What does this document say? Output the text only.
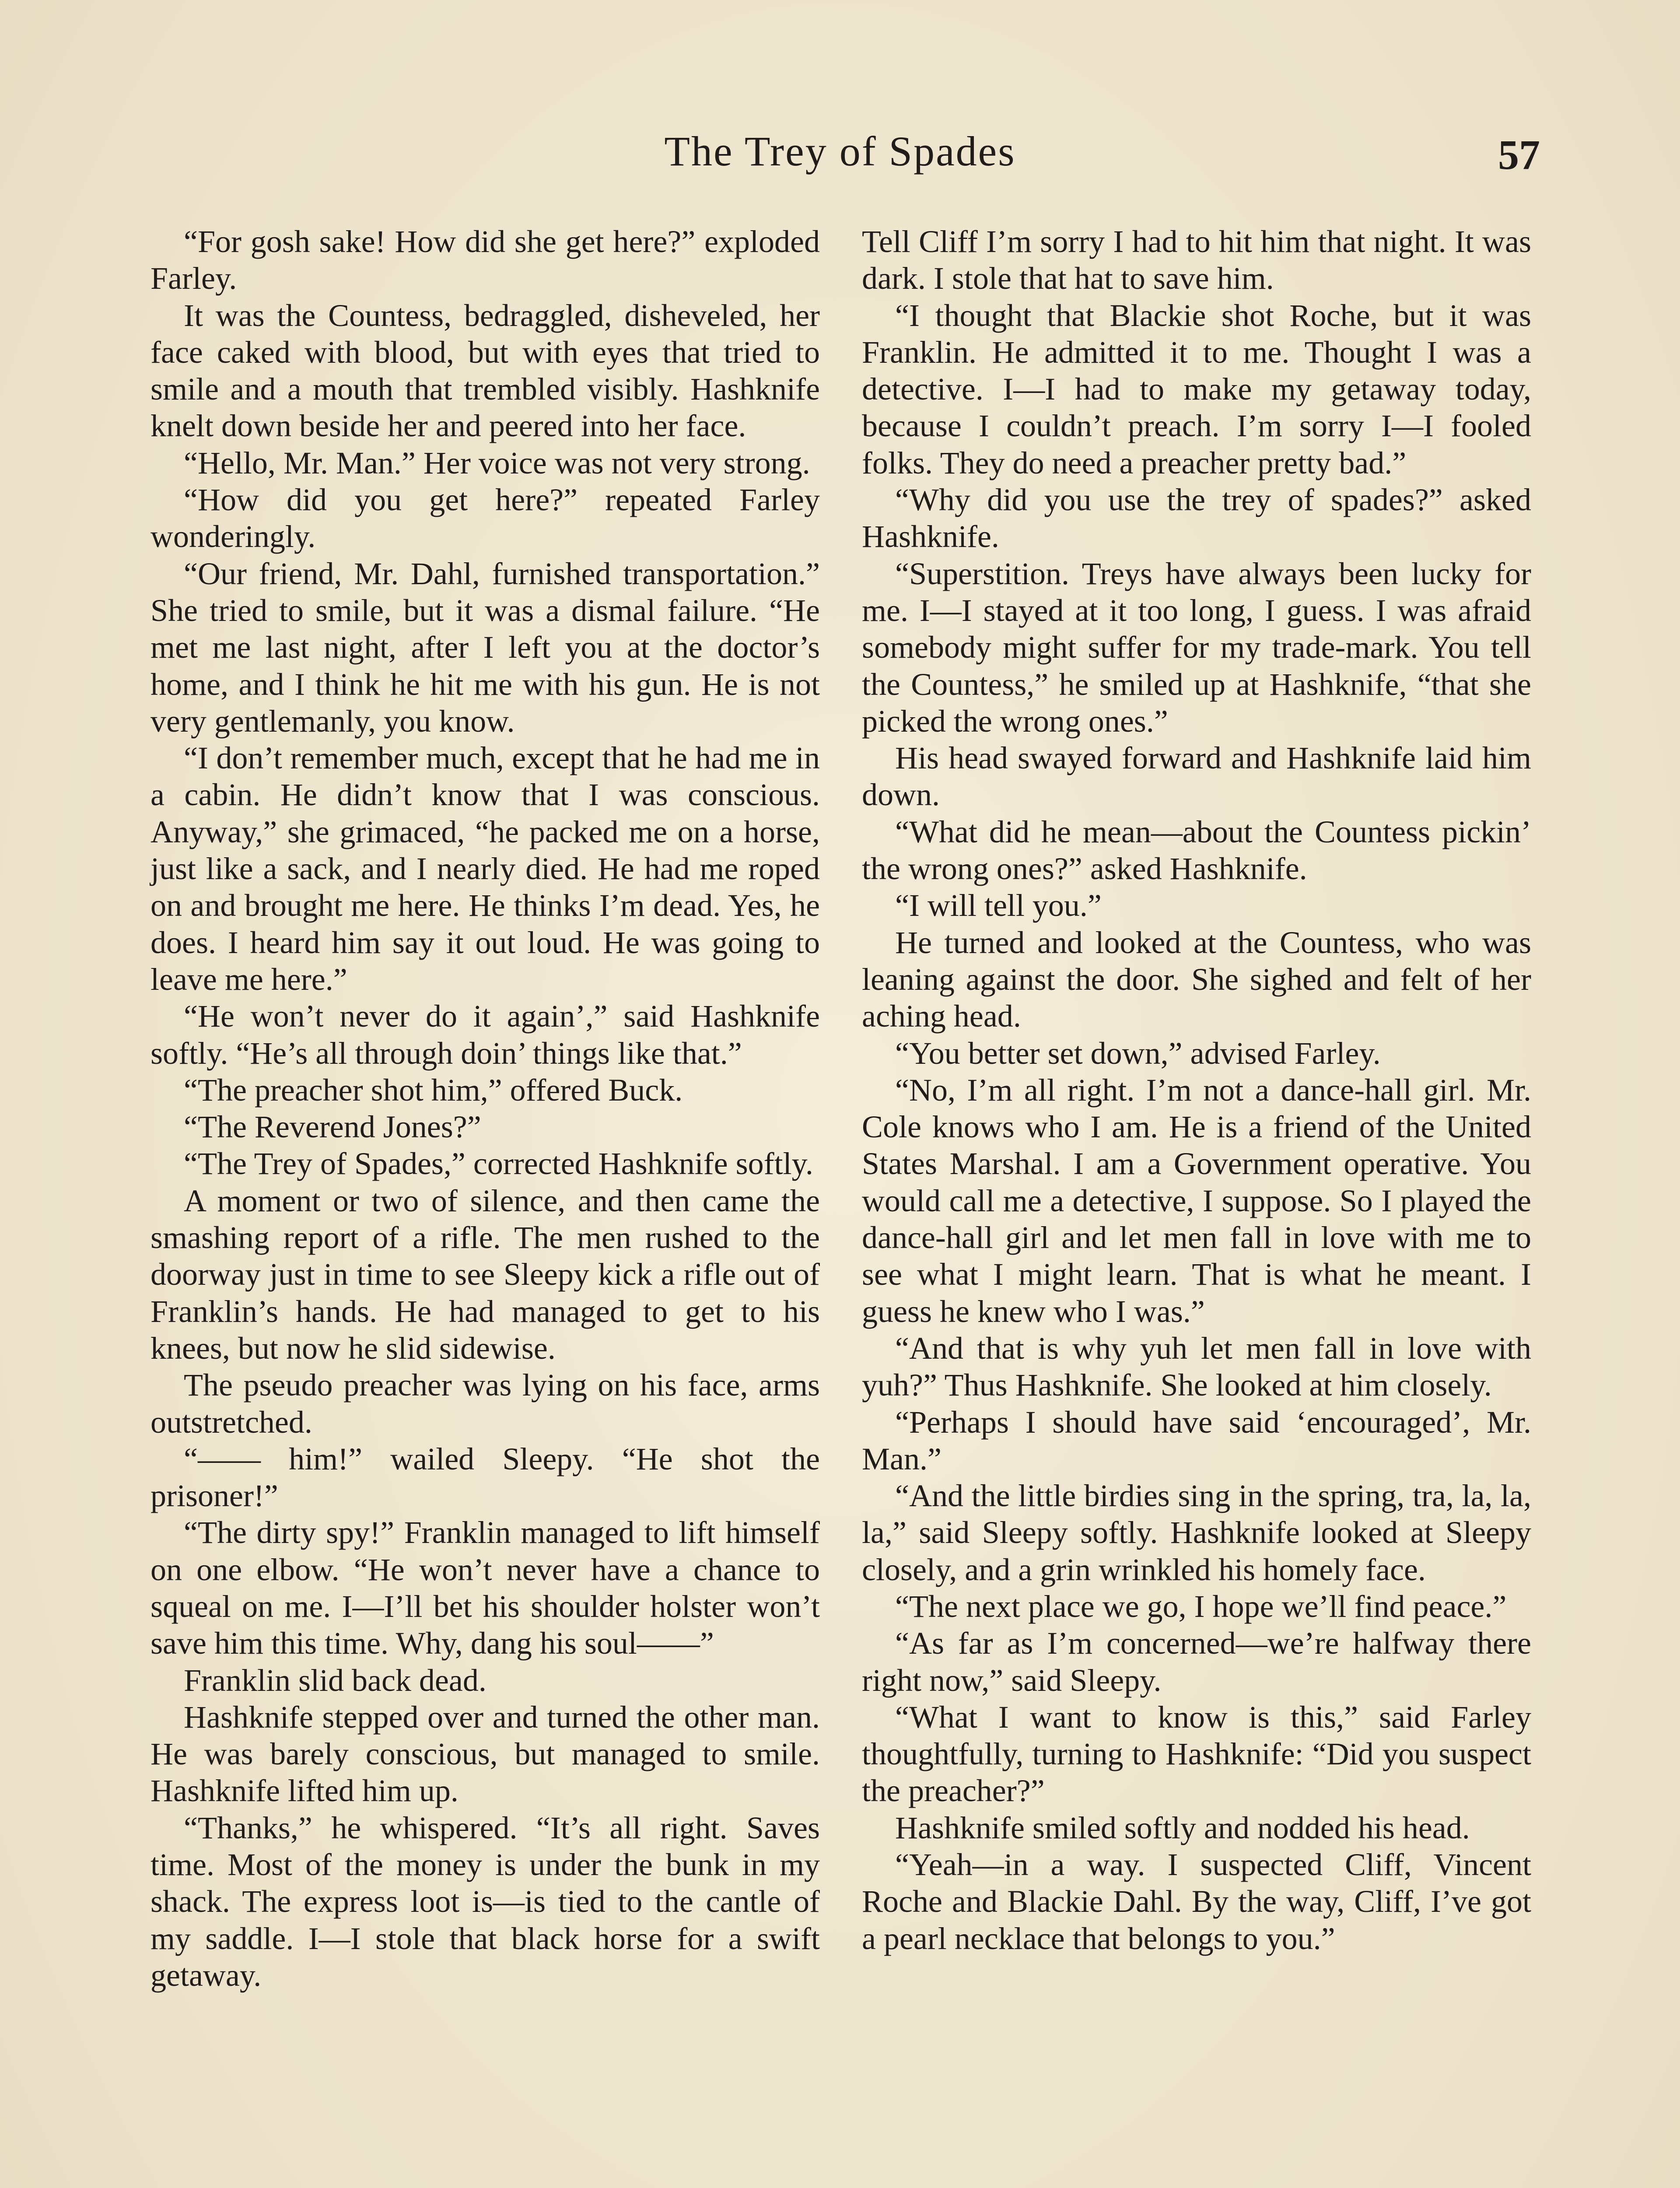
The Trey of Spades	57

“For gosh sake! How did she get here?” exploded Farley.

It was the Countess, bedraggled, disheveled, her face caked with blood, but with eyes that tried to smile and a mouth that trembled visibly. Hashknife knelt down beside her and peered into her face.

“Hello, Mr. Man.” Her voice was not very strong.

“How did you get here?” repeated Farley wonderingly.

“Our friend, Mr. Dahl, furnished transportation.” She tried to smile, but it was a dismal failure. “He met me last night, after I left you at the doctor’s home, and I think he hit me with his gun. He is not very gentlemanly, you know.

“I don’t remember much, except that he had me in a cabin. He didn’t know that I was conscious. Anyway,” she grimaced, “he packed me on a horse, just like a sack, and I nearly died. He had me roped on and brought me here. He thinks I’m dead. Yes, he does. I heard him say it out loud. He was going to leave me here.”

“He won’t never do it again’,” said Hashknife softly. “He’s all through doin’ things like that.”

“The preacher shot him,” offered Buck.

“The Reverend Jones?”

“The Trey of Spades,” corrected Hashknife softly.

A moment or two of silence, and then came the smashing report of a rifle. The men rushed to the doorway just in time to see Sleepy kick a rifle out of Franklin’s hands. He had managed to get to his knees, but now he slid sidewise.

The pseudo preacher was lying on his face, arms outstretched.

“—— him!” wailed Sleepy. “He shot the prisoner!”

“The dirty spy!” Franklin managed to lift himself on one elbow. “He won’t never have a chance to squeal on me. I—I’ll bet his shoulder holster won’t save him this time. Why, dang his soul——”

Franklin slid back dead.

Hashknife stepped over and turned the other man. He was barely conscious, but managed to smile. Hashknife lifted him up.

“Thanks,” he whispered. “It’s all right. Saves time. Most of the money is under the bunk in my shack. The express loot is—is tied to the cantle of my saddle. I—I stole that black horse for a swift getaway.

Tell Cliff I’m sorry I had to hit him that night. It was dark. I stole that hat to save him.

“I thought that Blackie shot Roche, but it was Franklin. He admitted it to me. Thought I was a detective. I—I had to make my getaway today, because I couldn’t preach. I’m sorry I—I fooled folks. They do need a preacher pretty bad.”

“Why did you use the trey of spades?” asked Hashknife.

“Superstition. Treys have always been lucky for me. I—I stayed at it too long, I guess. I was afraid somebody might suffer for my trade-mark. You tell the Countess,” he smiled up at Hashknife, “that she picked the wrong ones.”

His head swayed forward and Hashknife laid him down.

“What did he mean—about the Countess pickin’ the wrong ones?” asked Hashknife.

“I will tell you.”

He turned and looked at the Countess, who was leaning against the door. She sighed and felt of her aching head.

“You better set down,” advised Farley.

“No, I’m all right. I’m not a dance-hall girl. Mr. Cole knows who I am. He is a friend of the United States Marshal. I am a Government operative. You would call me a detective, I suppose. So I played the dance-hall girl and let men fall in love with me to see what I might learn. That is what he meant. I guess he knew who I was.”

“And that is why yuh let men fall in love with yuh?” Thus Hashknife. She looked at him closely.

“Perhaps I should have said ‘encouraged’, Mr. Man.”

“And the little birdies sing in the spring, tra, la, la, la,” said Sleepy softly. Hashknife looked at Sleepy closely, and a grin wrinkled his homely face.

“The next place we go, I hope we’ll find peace.”

“As far as I’m concerned—we’re halfway there right now,” said Sleepy.

“What I want to know is this,” said Farley thoughtfully, turning to Hashknife: “Did you suspect the preacher?”

Hashknife smiled softly and nodded his head.

“Yeah—in a way. I suspected Cliff, Vincent Roche and Blackie Dahl. By the way, Cliff, I’ve got a pearl necklace that belongs to you.”
